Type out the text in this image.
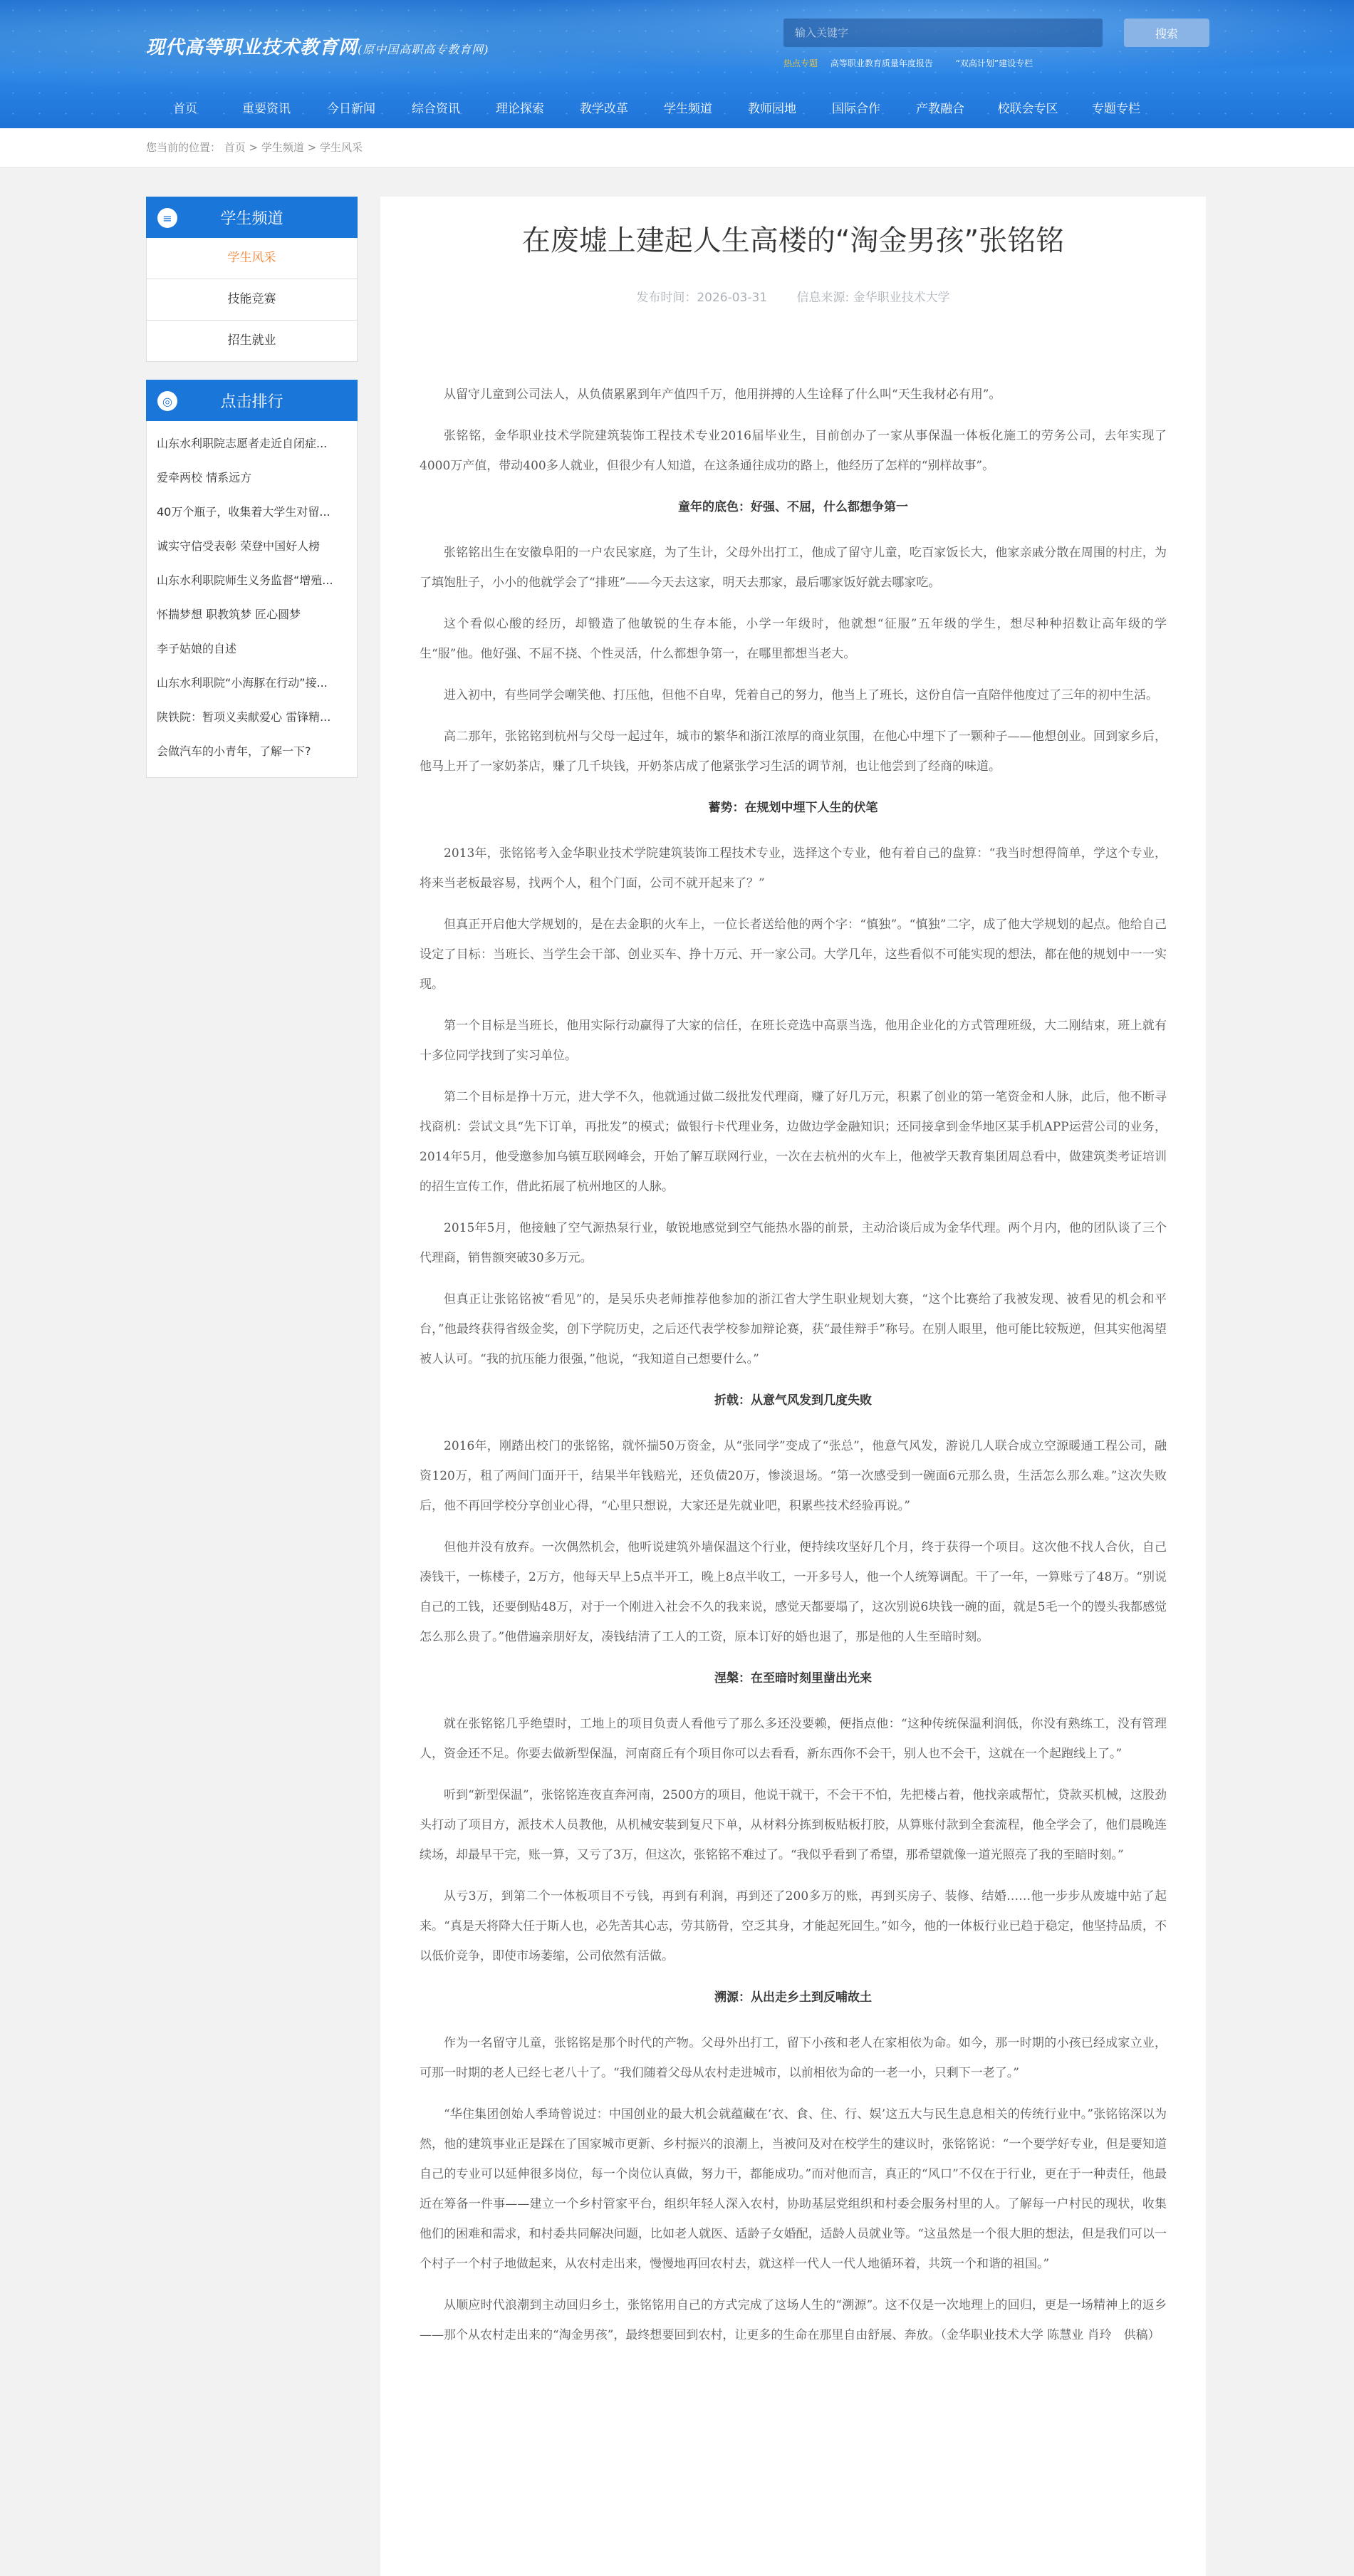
现代高等职业技术教育网(原中国高职高专教育网)
输入关键字
搜索
热点专题 高等职业教育质量年度报告	“双高计划”建设专栏
首页	重要资讯	今日新闻	综合资讯	理论探索	教学改革	学生频道	教师园地	国际合作	产教融合	校联会专区	专题专栏
您当前的位置： 首页 > 学生频道 > 学生风采
≡	学生频道
学生风采
技能竞赛
招生就业
◎	点击排行
山东水利职院志愿者走近自闭症...
爱牵两校 情系远方
40万个瓶子，收集着大学生对留...
诚实守信受表彰 荣登中国好人榜
山东水利职院师生义务监督“增殖...
怀揣梦想 职教筑梦 匠心圆梦
李子姑娘的自述
山东水利职院“小海豚在行动”接...
陕铁院：暂项义卖献爱心 雷锋精...
会做汽车的小青年，了解一下?
在废墟上建起人生高楼的“淘金男孩”张铭铭
发布时间：2026-03-31 信息来源: 金华职业技术大学

从留守儿童到公司法人，从负债累累到年产值四千万，他用拼搏的人生诠释了什么叫“天生我材必有用”。

张铭铭，金华职业技术学院建筑装饰工程技术专业2016届毕业生，目前创办了一家从事保温一体板化施工的劳务公司，去年实现了4000万产值，带动400多人就业，但很少有人知道，在这条通往成功的路上，他经历了怎样的“别样故事”。

童年的底色：好强、不屈，什么都想争第一

张铭铭出生在安徽阜阳的一户农民家庭，为了生计，父母外出打工，他成了留守儿童，吃百家饭长大，他家亲戚分散在周围的村庄，为了填饱肚子，小小的他就学会了“排班”——今天去这家，明天去那家，最后哪家饭好就去哪家吃。

这个看似心酸的经历，却锻造了他敏锐的生存本能，小学一年级时，他就想“征服”五年级的学生，想尽种种招数让高年级的学生“服”他。他好强、不屈不挠、个性灵活，什么都想争第一，在哪里都想当老大。

进入初中，有些同学会嘲笑他、打压他，但他不自卑，凭着自己的努力，他当上了班长，这份自信一直陪伴他度过了三年的初中生活。

高二那年，张铭铭到杭州与父母一起过年，城市的繁华和浙江浓厚的商业氛围，在他心中埋下了一颗种子——他想创业。回到家乡后，他马上开了一家奶茶店，赚了几千块钱，开奶茶店成了他紧张学习生活的调节剂，也让他尝到了经商的味道。

蓄势：在规划中埋下人生的伏笔

2013年，张铭铭考入金华职业技术学院建筑装饰工程技术专业，选择这个专业，他有着自己的盘算：“我当时想得简单，学这个专业，将来当老板最容易，找两个人，租个门面，公司不就开起来了？”

但真正开启他大学规划的，是在去金职的火车上，一位长者送给他的两个字：“慎独”。“慎独”二字，成了他大学规划的起点。他给自己设定了目标：当班长、当学生会干部、创业买车、挣十万元、开一家公司。大学几年，这些看似不可能实现的想法，都在他的规划中一一实现。

第一个目标是当班长，他用实际行动赢得了大家的信任，在班长竞选中高票当选，他用企业化的方式管理班级，大二刚结束，班上就有十多位同学找到了实习单位。

第二个目标是挣十万元，进大学不久，他就通过做二级批发代理商，赚了好几万元，积累了创业的第一笔资金和人脉，此后，他不断寻找商机：尝试文具“先下订单，再批发”的模式；做银行卡代理业务，边做边学金融知识；还同接拿到金华地区某手机APP运营公司的业务，2014年5月，他受邀参加乌镇互联网峰会，开始了解互联网行业，一次在去杭州的火车上，他被学天教育集团周总看中，做建筑类考证培训的招生宣传工作，借此拓展了杭州地区的人脉。

2015年5月，他接触了空气源热泵行业，敏锐地感觉到空气能热水器的前景，主动洽谈后成为金华代理。两个月内，他的团队谈了三个代理商，销售额突破30多万元。

但真正让张铭铭被“看见”的，是吴乐央老师推荐他参加的浙江省大学生职业规划大赛，“这个比赛给了我被发现、被看见的机会和平台，”他最终获得省级金奖，创下学院历史，之后还代表学校参加辩论赛，获“最佳辩手”称号。在别人眼里，他可能比较叛逆，但其实他渴望被人认可。“我的抗压能力很强，”他说，“我知道自己想要什么。”

折戟：从意气风发到几度失败

2016年，刚踏出校门的张铭铭，就怀揣50万资金，从“张同学”变成了“张总”，他意气风发，游说几人联合成立空源暖通工程公司，融资120万，租了两间门面开干，结果半年钱赔光，还负债20万，惨淡退场。“第一次感受到一碗面6元那么贵，生活怎么那么难。”这次失败后，他不再回学校分享创业心得，“心里只想说，大家还是先就业吧，积累些技术经验再说。”

但他并没有放弃。一次偶然机会，他听说建筑外墙保温这个行业，便持续攻坚好几个月，终于获得一个项目。这次他不找人合伙，自己凑钱干，一栋楼子，2万方，他每天早上5点半开工，晚上8点半收工，一开多号人，他一个人统筹调配。干了一年，一算账亏了48万。“别说自己的工钱，还要倒贴48万，对于一个刚进入社会不久的我来说，感觉天都要塌了，这次别说6块钱一碗的面，就是5毛一个的馒头我都感觉怎么那么贵了。”他借遍亲朋好友，凑钱结清了工人的工资，原本订好的婚也退了，那是他的人生至暗时刻。

涅槃：在至暗时刻里凿出光来

就在张铭铭几乎绝望时，工地上的项目负责人看他亏了那么多还没要赖，便指点他：“这种传统保温利润低，你没有熟练工，没有管理人，资金还不足。你要去做新型保温，河南商丘有个项目你可以去看看，新东西你不会干，别人也不会干，这就在一个起跑线上了。”

听到“新型保温”，张铭铭连夜直奔河南，2500方的项目，他说干就干，不会干不怕，先把楼占着，他找亲戚帮忙，贷款买机械，这股劲头打动了项目方，派技术人员教他，从机械安装到复尺下单，从材料分拣到板贴板打胶，从算账付款到全套流程，他全学会了，他们晨晚连续场，却最早干完，账一算，又亏了3万，但这次，张铭铭不难过了。“我似乎看到了希望，那希望就像一道光照亮了我的至暗时刻。”

从亏3万，到第二个一体板项目不亏钱，再到有利润，再到还了200多万的账，再到买房子、装修、结婚……他一步步从废墟中站了起来。“真是天将降大任于斯人也，必先苦其心志，劳其筋骨，空乏其身，才能起死回生。”如今，他的一体板行业已趋于稳定，他坚持品质，不以低价竞争，即使市场萎缩，公司依然有活做。

溯源：从出走乡土到反哺故土

作为一名留守儿童，张铭铭是那个时代的产物。父母外出打工，留下小孩和老人在家相依为命。如今，那一时期的小孩已经成家立业，可那一时期的老人已经七老八十了。“我们随着父母从农村走进城市，以前相依为命的一老一小，只剩下一老了。”

“华住集团创始人季琦曾说过：中国创业的最大机会就蕴藏在‘衣、食、住、行、娱’这五大与民生息息相关的传统行业中。”张铭铭深以为然，他的建筑事业正是踩在了国家城市更新、乡村振兴的浪潮上，当被问及对在校学生的建议时，张铭铭说：“一个要学好专业，但是要知道自己的专业可以延伸很多岗位，每一个岗位认真做，努力干，都能成功。”而对他而言，真正的“风口”不仅在于行业，更在于一种责任，他最近在筹备一件事——建立一个乡村管家平台，组织年轻人深入农村，协助基层党组织和村委会服务村里的人。了解每一户村民的现状，收集他们的困难和需求，和村委共同解决问题，比如老人就医、适龄子女婚配，适龄人员就业等。“这虽然是一个很大胆的想法，但是我们可以一个村子一个村子地做起来，从农村走出来，慢慢地再回农村去，就这样一代人一代人地循环着，共筑一个和谐的祖国。”

从顺应时代浪潮到主动回归乡土，张铭铭用自己的方式完成了这场人生的“溯源”。这不仅是一次地理上的回归，更是一场精神上的返乡——那个从农村走出来的“淘金男孩”，最终想要回到农村，让更多的生命在那里自由舒展、奔放。（金华职业技术大学 陈慧业 肖玲　供稿）
